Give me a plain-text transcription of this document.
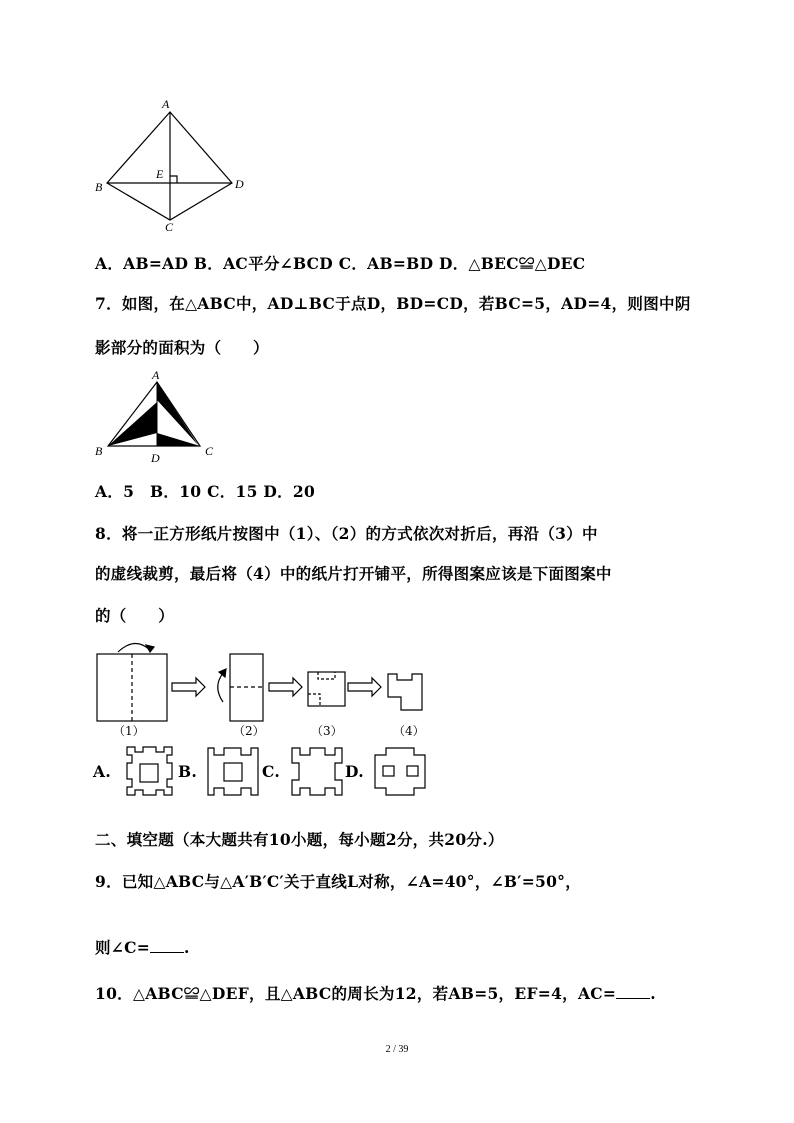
A
B	D
C
E
A．AB=AD B．AC平分∠BCD C．AB=BD D．△BEC≌△DEC
7．如图，在△ABC中，AD⊥BC于点D，BD=CD，若BC=5，AD=4，则图中阴
影部分的面积为（　　）
A
B	C
D
A．5　B．10 C．15 D．20
8．将一正方形纸片按图中（1）、（2）的方式依次对折后，再沿（3）中
的虚线裁剪，最后将（4）中的纸片打开铺平，所得图案应该是下面图案中
的（　　）
（1）	（2）	（3）	（4）
A.	B.	C.	D.
二、填空题（本大题共有10小题，每小题2分，共20分.）
9．已知△ABC与△A′B′C′关于直线L对称，∠A=40°，∠B′=50°，
则∠C= .
10．△ABC≌△DEF，且△ABC的周长为12，若AB=5，EF=4，AC= .
2 / 39
